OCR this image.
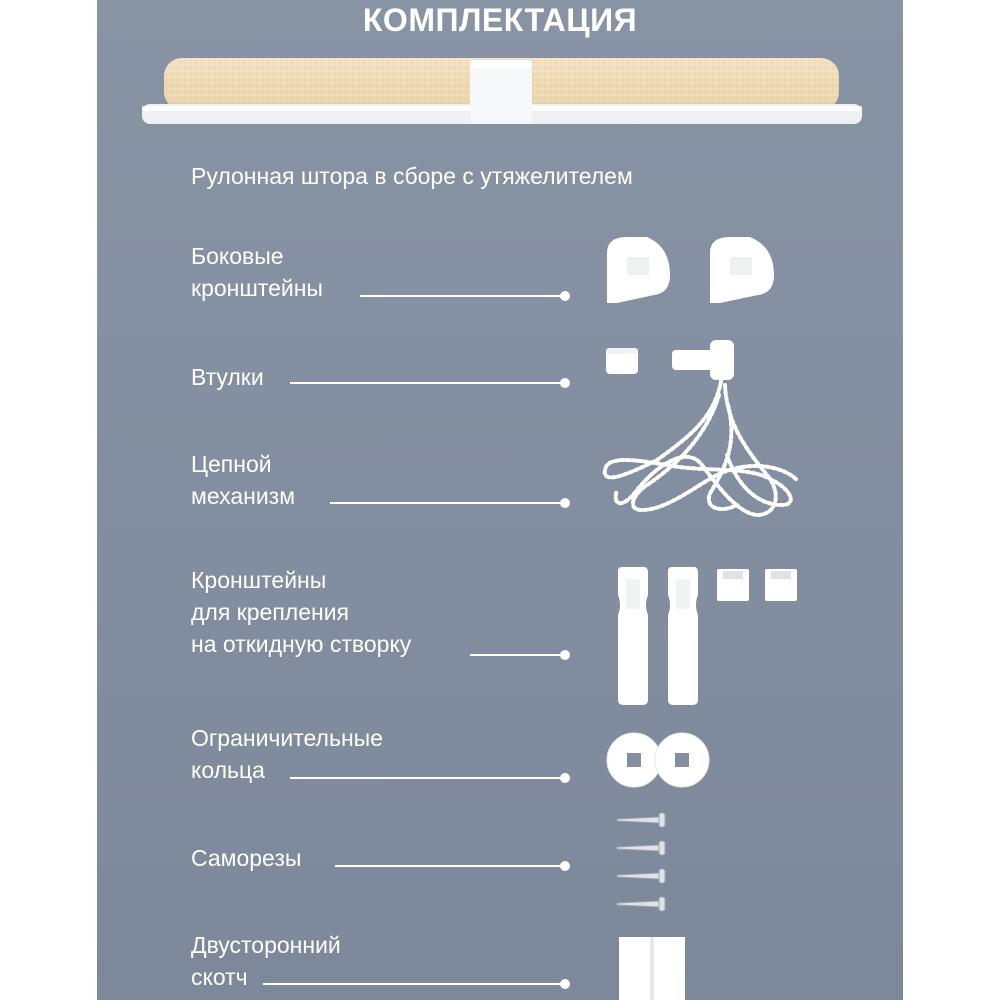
КОМПЛЕКТАЦИЯ
Рулонная штора в сборе с утяжелителем
Боковые
кронштейны
Втулки
Цепной
механизм
Кронштейны
для крепления
на откидную створку
Ограничительные
кольца
Саморезы
Двусторонний
скотч
